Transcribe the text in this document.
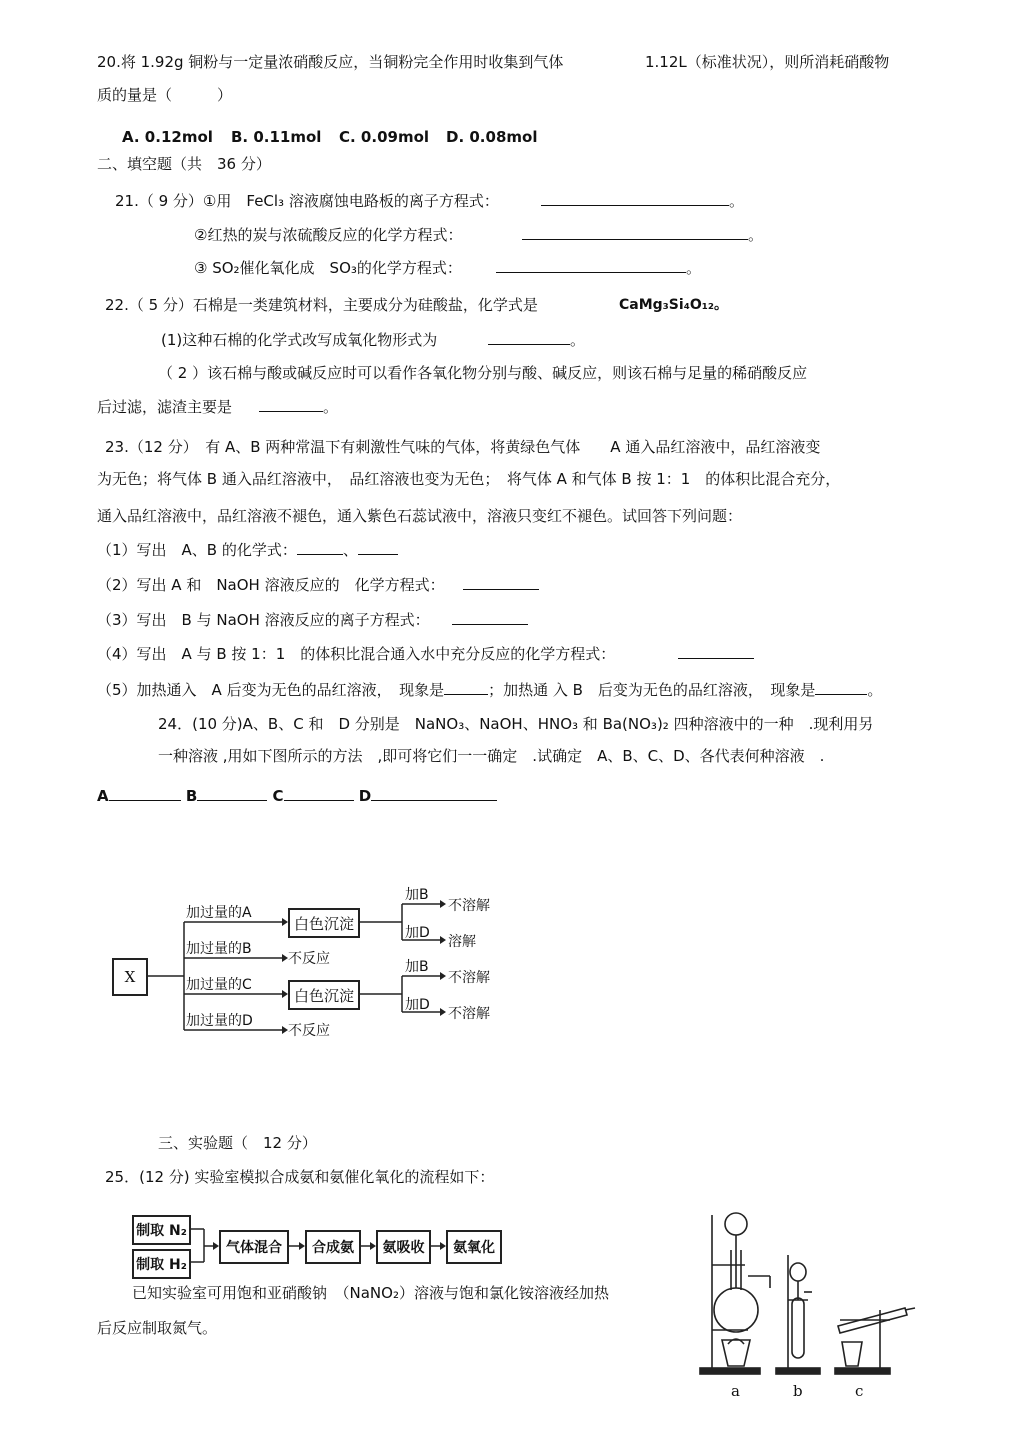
20.将 1.92g 铜粉与一定量浓硝酸反应，当铜粉完全作用时收集到气体	1.12L（标准状况），则所消耗硝酸物
质的量是（　　　）
A. 0.12mol B. 0.11mol C. 0.09mol D. 0.08mol
二、填空题（共　36 分）
21.（ 9 分）①用　FeCl₃ 溶液腐蚀电路板的离子方程式：	。
②红热的炭与浓硫酸反应的化学方程式：	。
③ SO₂催化氧化成　SO₃的化学方程式：	。
22.（ 5 分）石棉是一类建筑材料，主要成分为硅酸盐，化学式是	CaMg₃Si₄O₁₂。
(1)这种石棉的化学式改写成氧化物形式为	。
（ 2 ）该石棉与酸或碱反应时可以看作各氧化物分别与酸、碱反应，则该石棉与足量的稀硝酸反应
后过滤，滤渣主要是	。
23.（12 分）　有 A、B 两种常温下有刺激性气味的气体，将黄绿色气体　　A 通入品红溶液中，品红溶液变
为无色；将气体 B 通入品红溶液中，　品红溶液也变为无色；　将气体 A 和气体 B 按 1：1　的体积比混合充分，
通入品红溶液中，品红溶液不褪色，通入紫色石蕊试液中，溶液只变红不褪色。试回答下列问题：
（1）写出　A、B 的化学式：	、
（2）写出 A 和　NaOH 溶液反应的　化学方程式：
（3）写出　B 与 NaOH 溶液反应的离子方程式：
（4）写出　A 与 B 按 1：1　的体积比混合通入水中充分反应的化学方程式：
（5）加热通入　A 后变为无色的品红溶液，　现象是	；加热通 入 B　后变为无色的品红溶液，　现象是	。
24．(10 分)A、B、C 和　D 分别是　NaNO₃、NaOH、HNO₃ 和 Ba(NO₃)₂ 四种溶液中的一种　.现利用另
一种溶液 ,用如下图所示的方法　,即可将它们一一确定　.试确定　A、B、C、D、各代表何种溶液　.
A	B	C	D
X
加过量的A
加过量的B
加过量的C
加过量的D
白色沉淀
不反应
白色沉淀
不反应
加B
不溶解
加D
溶解
加B
不溶解
加D
不溶解
三、实验题（　12 分）
25．(12 分) 实验室模拟合成氨和氨催化氧化的流程如下：
制取 N₂
制取 H₂
气体混合 合成氨 氨吸收 氨氧化
已知实验室可用饱和亚硝酸钠　（NaNO₂）溶液与饱和氯化铵溶液经加热
后反应制取氮气。
a	b	c
